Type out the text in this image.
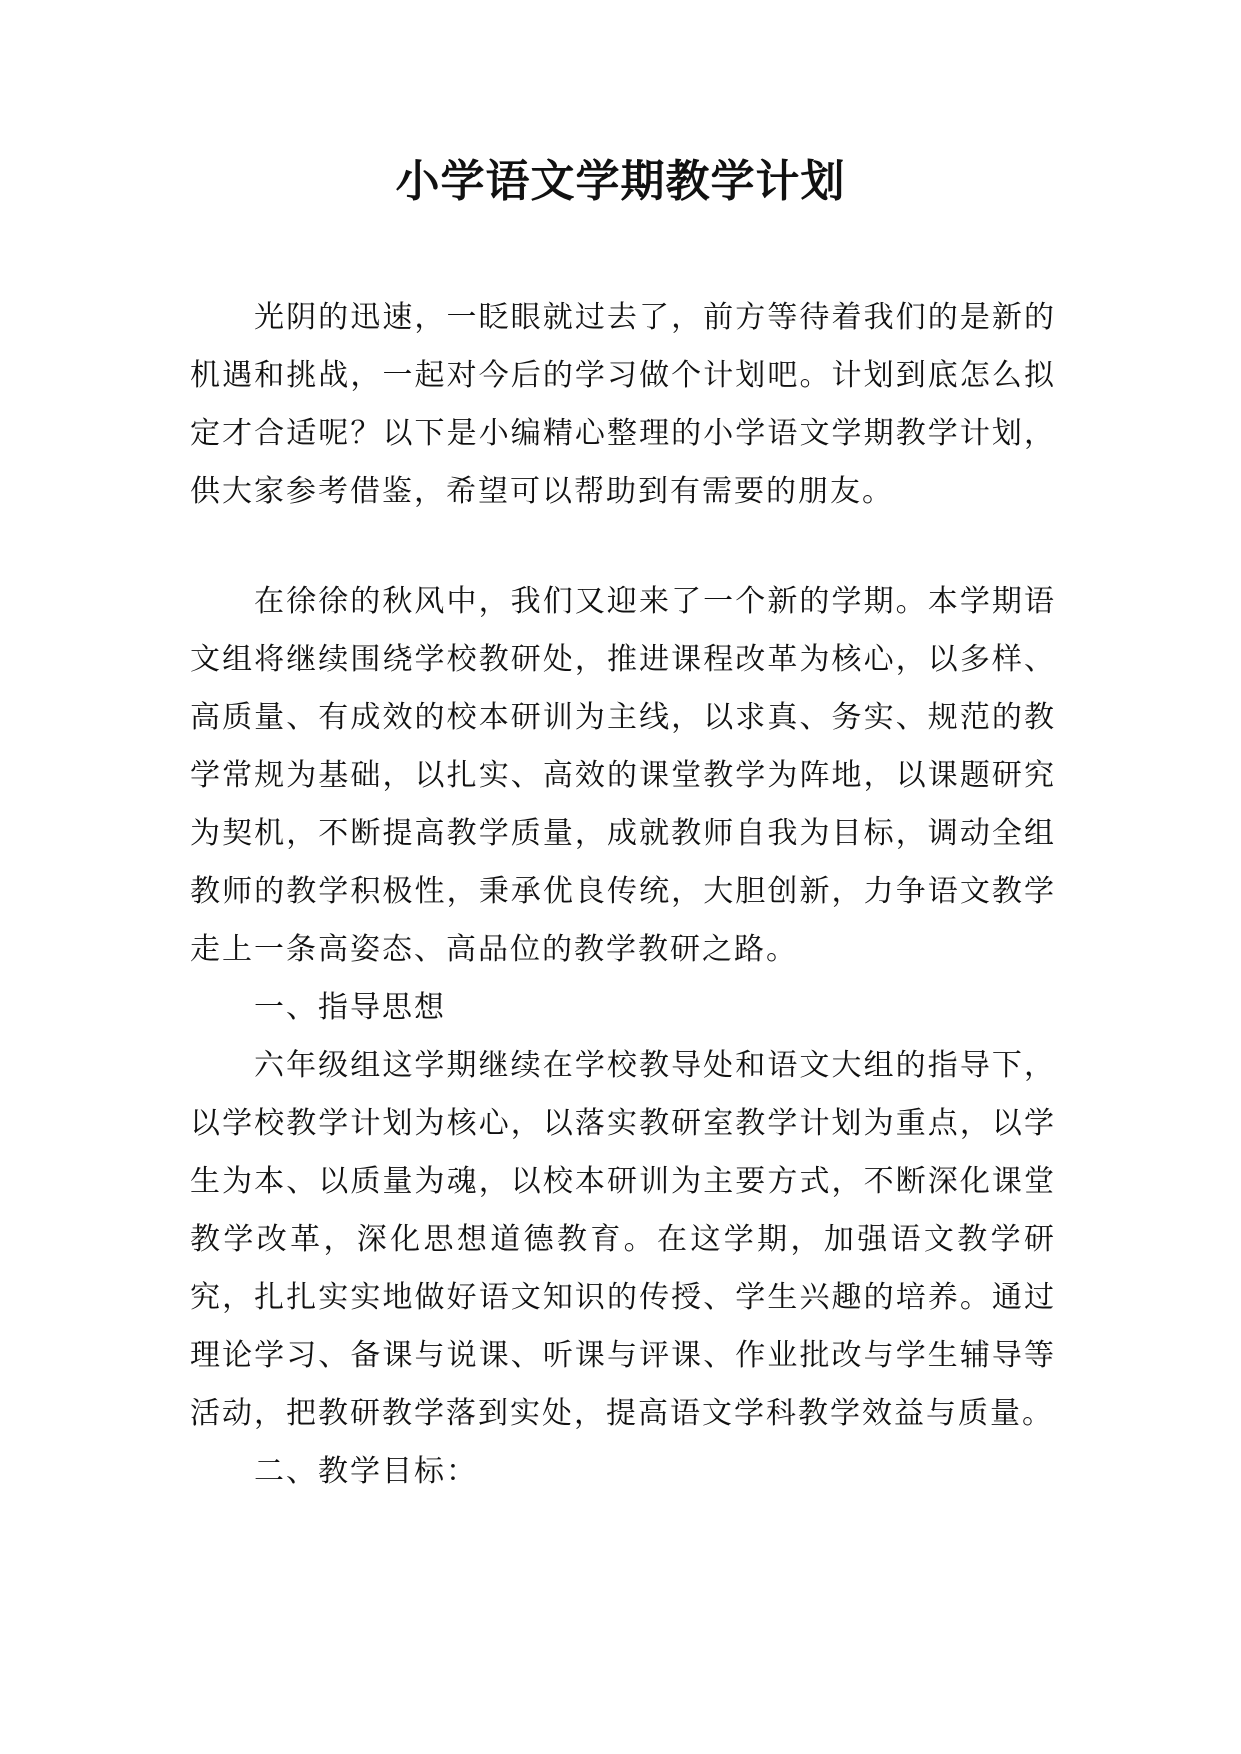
小学语文学期教学计划

光阴的迅速，一眨眼就过去了，前方等待着我们的是新的机遇和挑战，一起对今后的学习做个计划吧。计划到底怎么拟定才合适呢？以下是小编精心整理的小学语文学期教学计划，供大家参考借鉴，希望可以帮助到有需要的朋友。

在徐徐的秋风中，我们又迎来了一个新的学期。本学期语文组将继续围绕学校教研处，推进课程改革为核心，以多样、高质量、有成效的校本研训为主线，以求真、务实、规范的教学常规为基础，以扎实、高效的课堂教学为阵地，以课题研究为契机，不断提高教学质量，成就教师自我为目标，调动全组教师的教学积极性，秉承优良传统，大胆创新，力争语文教学走上一条高姿态、高品位的教学教研之路。

一、指导思想

六年级组这学期继续在学校教导处和语文大组的指导下，以学校教学计划为核心，以落实教研室教学计划为重点，以学生为本、以质量为魂，以校本研训为主要方式，不断深化课堂教学改革，深化思想道德教育。在这学期，加强语文教学研究，扎扎实实地做好语文知识的传授、学生兴趣的培养。通过理论学习、备课与说课、听课与评课、作业批改与学生辅导等活动，把教研教学落到实处，提高语文学科教学效益与质量。

二、教学目标：
